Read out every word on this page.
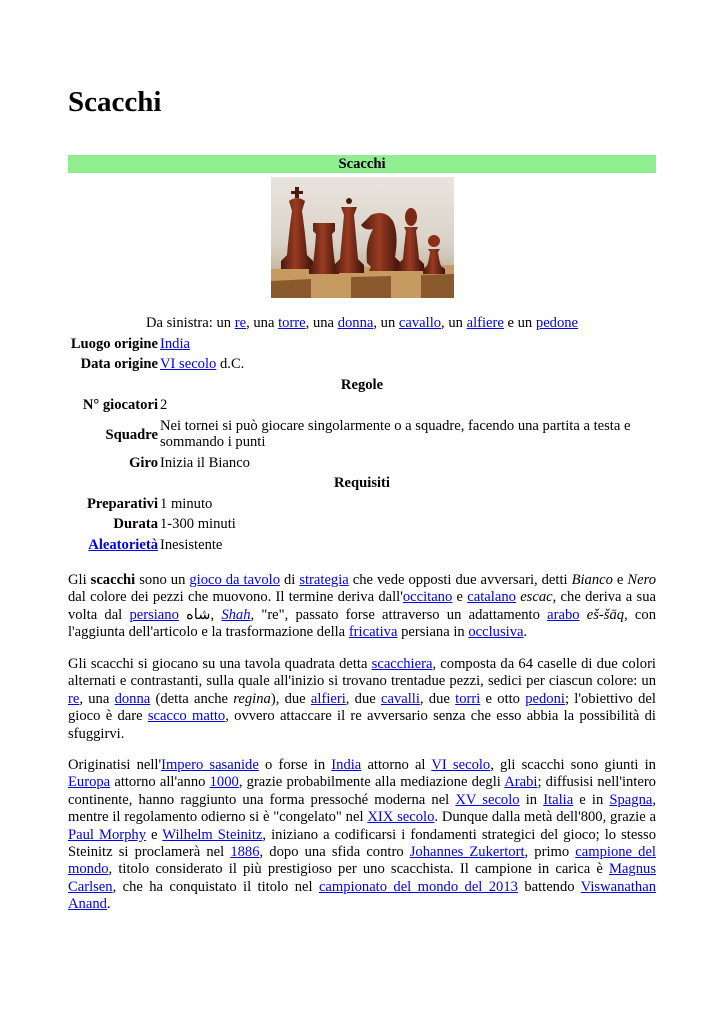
Scacchi
Scacchi
Da sinistra: un re, una torre, una donna, un cavallo, un alfiere e un pedone
Luogo origine India
Data origine VI secolo d.C.
Regole
N° giocatori 2
Squadre
Nei tornei si può giocare singolarmente o a squadre, facendo una partita a testa e sommando i punti
Giro Inizia il Bianco
Requisiti
Preparativi 1 minuto
Durata 1-300 minuti
Aleatorietà Inesistente

Gli scacchi sono un gioco da tavolo di strategia che vede opposti due avversari, detti Bianco e Nero dal colore dei pezzi che muovono. Il termine deriva dall'occitano e catalano escac, che deriva a sua volta dal persiano شاه, Shah, "re", passato forse attraverso un adattamento arabo eš-šāq, con l'aggiunta dell'articolo e la trasformazione della fricativa persiana in occlusiva.

Gli scacchi si giocano su una tavola quadrata detta scacchiera, composta da 64 caselle di due colori alternati e contrastanti, sulla quale all'inizio si trovano trentadue pezzi, sedici per ciascun colore: un re, una donna (detta anche regina), due alfieri, due cavalli, due torri e otto pedoni; l'obiettivo del gioco è dare scacco matto, ovvero attaccare il re avversario senza che esso abbia la possibilità di sfuggirvi.

Originatisi nell'Impero sasanide o forse in India attorno al VI secolo, gli scacchi sono giunti in Europa attorno all'anno 1000, grazie probabilmente alla mediazione degli Arabi; diffusisi nell'intero continente, hanno raggiunto una forma pressoché moderna nel XV secolo in Italia e in Spagna, mentre il regolamento odierno si è "congelato" nel XIX secolo. Dunque dalla metà dell'800, grazie a Paul Morphy e Wilhelm Steinitz, iniziano a codificarsi i fondamenti strategici del gioco; lo stesso Steinitz si proclamerà nel 1886, dopo una sfida contro Johannes Zukertort, primo campione del mondo, titolo considerato il più prestigioso per uno scacchista. Il campione in carica è Magnus Carlsen, che ha conquistato il titolo nel campionato del mondo del 2013 battendo Viswanathan Anand.
